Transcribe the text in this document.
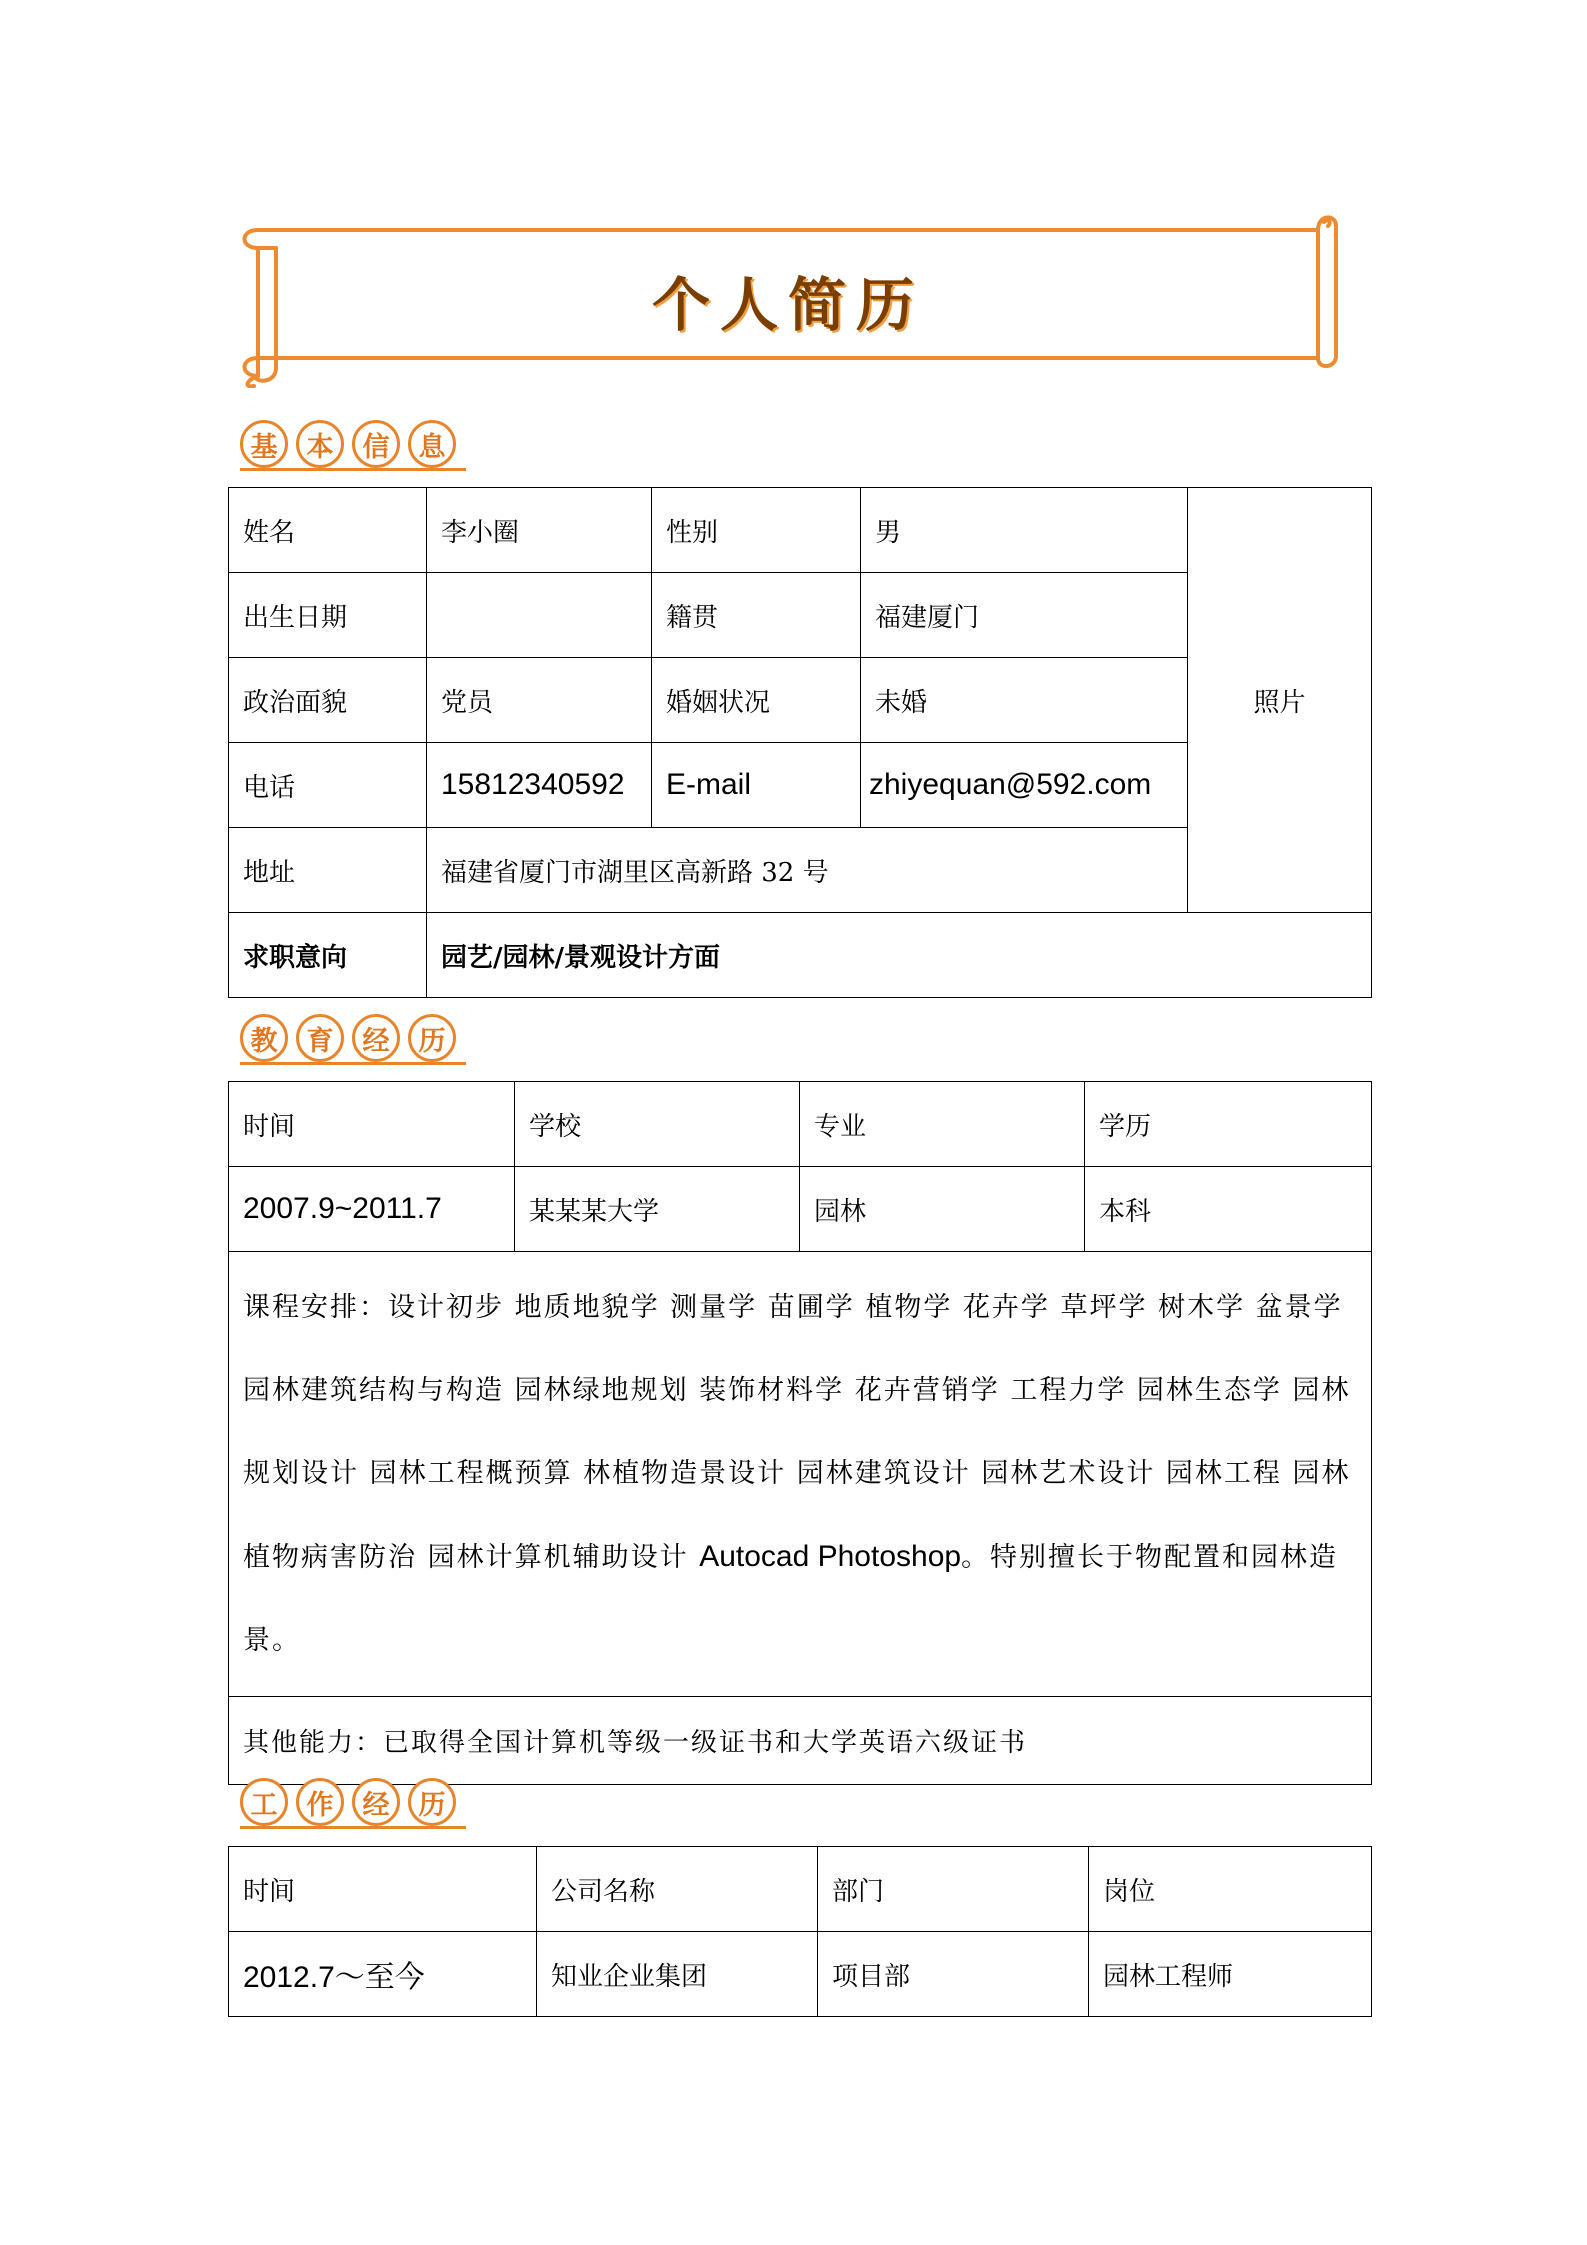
个人简历
基	本	信	息
姓名	李小圈	性别	男	照片
出生日期		籍贯	福建厦门	
政治面貌	党员	婚姻状况	未婚	
电话	15812340592	E-mail	zhiyequan@592.com	
地址	福建省厦门市湖里区高新路 32 号			
求职意向	园艺/园林/景观设计方面			
教	育	经	历
时间	学校	专业	学历
2007.9~2011.7	某某某大学	园林	本科
课程安排：设计初步 地质地貌学 测量学 苗圃学 植物学 花卉学 草坪学 树木学 盆景学 园林建筑结构与构造 园林绿地规划 装饰材料学 花卉营销学 工程力学 园林生态学 园林规划设计 园林工程概预算 林植物造景设计 园林建筑设计 园林艺术设计 园林工程 园林植物病害防治 园林计算机辅助设计 Autocad Photoshop。特别擅长于物配置和园林造景。			
其他能力：已取得全国计算机等级一级证书和大学英语六级证书			
工	作	经	历
时间	公司名称	部门	岗位
2012.7～至今	知业企业集团	项目部	园林工程师
